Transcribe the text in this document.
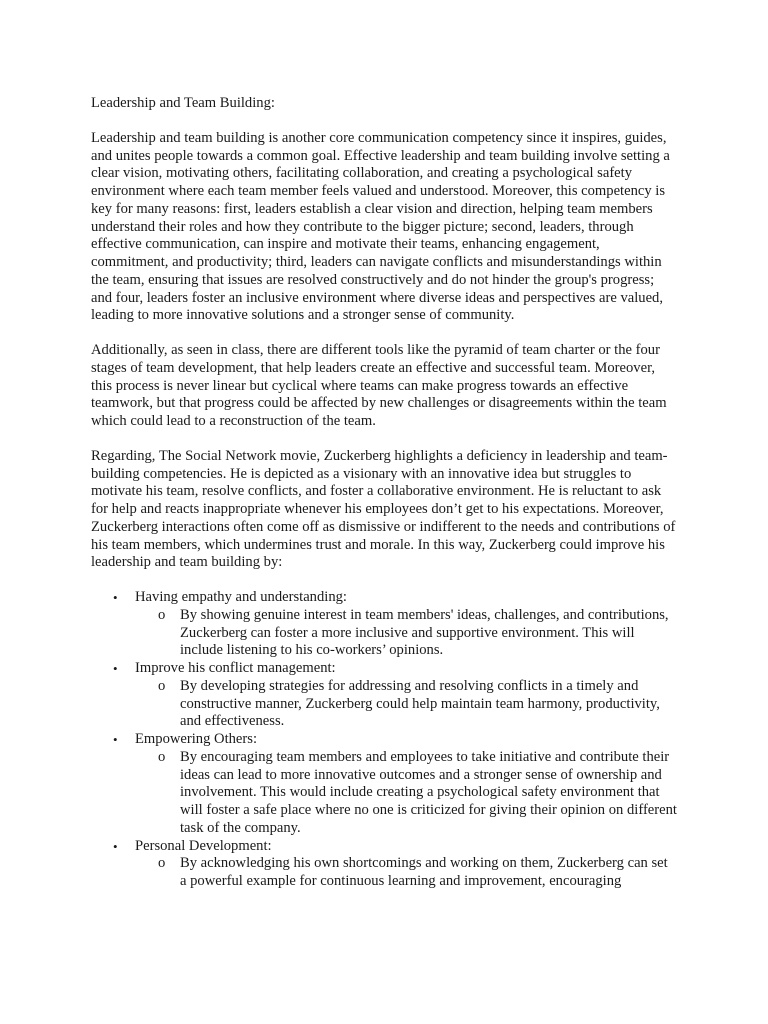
Leadership and Team Building:

Leadership and team building is another core communication competency since it inspires, guides, and unites people towards a common goal. Effective leadership and team building involve setting a clear vision, motivating others, facilitating collaboration, and creating a psychological safety environment where each team member feels valued and understood. Moreover, this competency is key for many reasons: first, leaders establish a clear vision and direction, helping team members understand their roles and how they contribute to the bigger picture; second, leaders, through effective communication, can inspire and motivate their teams, enhancing engagement, commitment, and productivity; third, leaders can navigate conflicts and misunderstandings within the team, ensuring that issues are resolved constructively and do not hinder the group's progress; and four, leaders foster an inclusive environment where diverse ideas and perspectives are valued, leading to more innovative solutions and a stronger sense of community.

Additionally, as seen in class, there are different tools like the pyramid of team charter or the four stages of team development, that help leaders create an effective and successful team. Moreover, this process is never linear but cyclical where teams can make progress towards an effective teamwork, but that progress could be affected by new challenges or disagreements within the team which could lead to a reconstruction of the team.

Regarding, The Social Network movie, Zuckerberg highlights a deficiency in leadership and team-building competencies. He is depicted as a visionary with an innovative idea but struggles to motivate his team, resolve conflicts, and foster a collaborative environment. He is reluctant to ask for help and reacts inappropriate whenever his employees don’t get to his expectations. Moreover, Zuckerberg interactions often come off as dismissive or indifferent to the needs and contributions of his team members, which undermines trust and morale. In this way, Zuckerberg could improve his leadership and team building by:

• Having empathy and understanding:
o By showing genuine interest in team members' ideas, challenges, and contributions, Zuckerberg can foster a more inclusive and supportive environment. This will include listening to his co-workers’ opinions.
• Improve his conflict management:
o By developing strategies for addressing and resolving conflicts in a timely and constructive manner, Zuckerberg could help maintain team harmony, productivity, and effectiveness.
• Empowering Others:
o By encouraging team members and employees to take initiative and contribute their ideas can lead to more innovative outcomes and a stronger sense of ownership and involvement. This would include creating a psychological safety environment that will foster a safe place where no one is criticized for giving their opinion on different task of the company.
• Personal Development:
o By acknowledging his own shortcomings and working on them, Zuckerberg can set a powerful example for continuous learning and improvement, encouraging
